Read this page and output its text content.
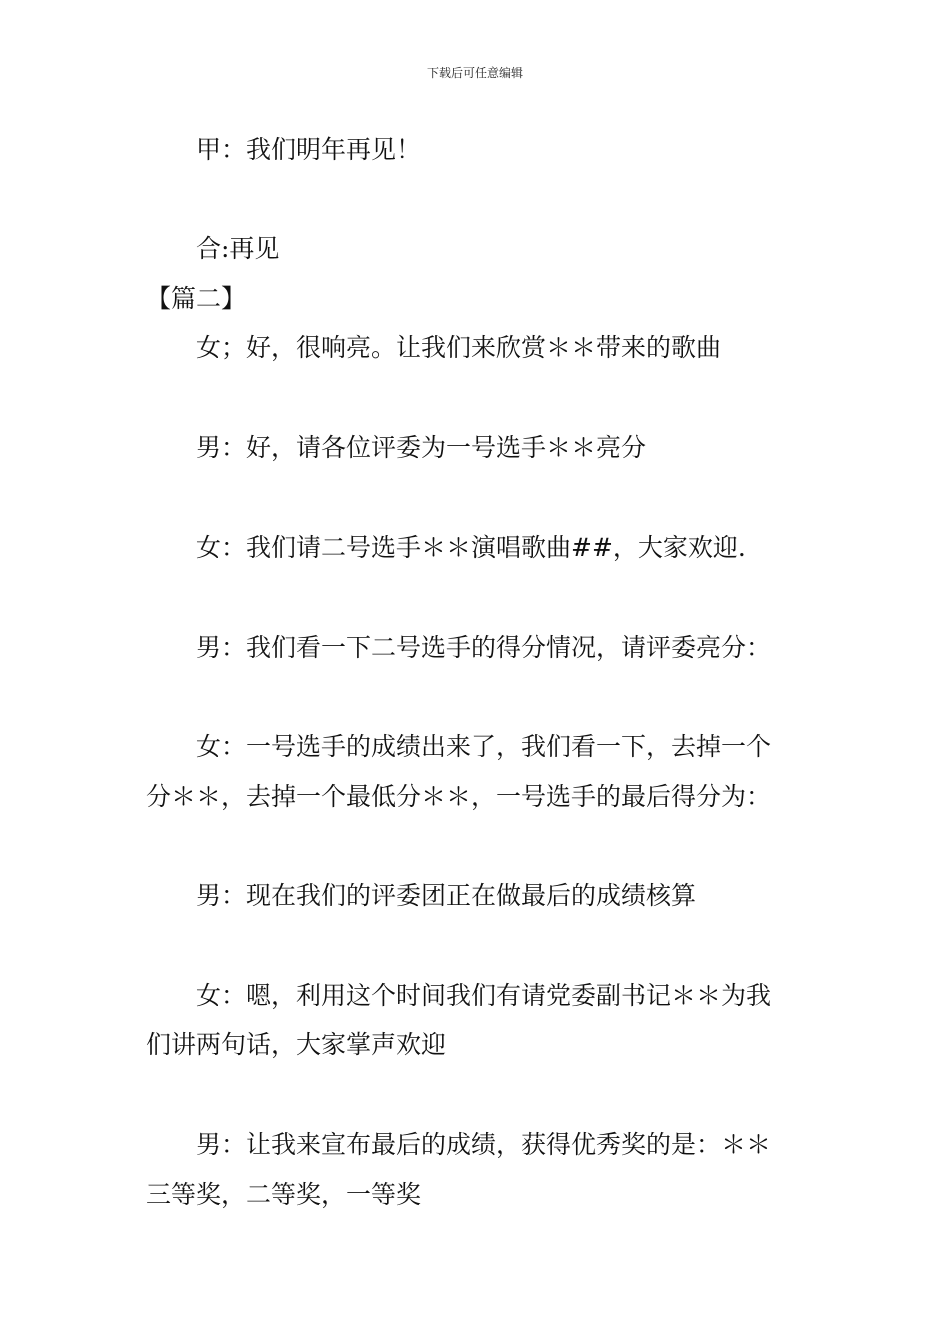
下载后可任意编辑
甲：我们明年再见！
合:再见
【篇二】
女；好，很响亮。让我们来欣赏＊＊带来的歌曲
男：好，请各位评委为一号选手＊＊亮分
女：我们请二号选手＊＊演唱歌曲##，大家欢迎.
男：我们看一下二号选手的得分情况，请评委亮分：
女：一号选手的成绩出来了，我们看一下，去掉一个
分＊＊，去掉一个最低分＊＊，一号选手的最后得分为：
男：现在我们的评委团正在做最后的成绩核算
女：嗯，利用这个时间我们有请党委副书记＊＊为我
们讲两句话，大家掌声欢迎
男：让我来宣布最后的成绩，获得优秀奖的是：＊＊
三等奖，二等奖，一等奖
